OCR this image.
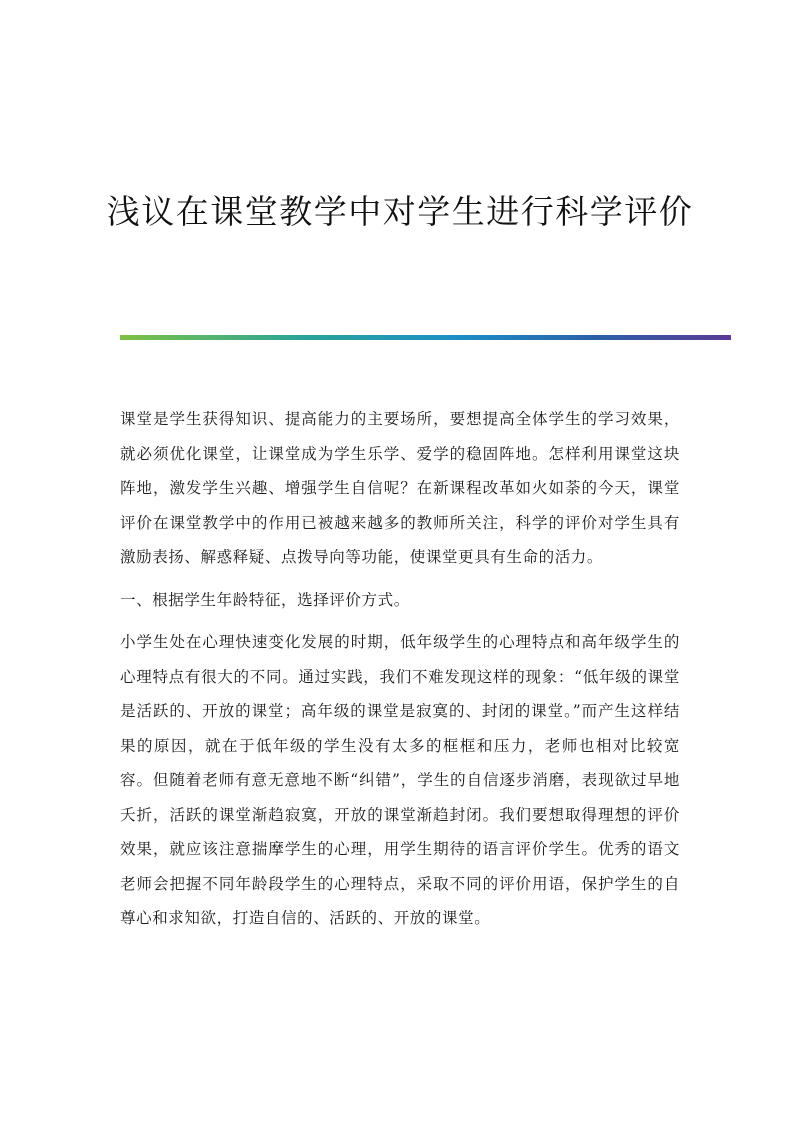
浅议在课堂教学中对学生进行科学评价

课堂是学生获得知识、提高能力的主要场所，要想提高全体学生的学习效果，就必须优化课堂，让课堂成为学生乐学、爱学的稳固阵地。怎样利用课堂这块阵地，激发学生兴趣、增强学生自信呢？在新课程改革如火如荼的今天，课堂评价在课堂教学中的作用已被越来越多的教师所关注，科学的评价对学生具有激励表扬、解惑释疑、点拨导向等功能，使课堂更具有生命的活力。

一、根据学生年龄特征，选择评价方式。

小学生处在心理快速变化发展的时期，低年级学生的心理特点和高年级学生的心理特点有很大的不同。通过实践，我们不难发现这样的现象：“低年级的课堂是活跃的、开放的课堂；高年级的课堂是寂寞的、封闭的课堂。”而产生这样结果的原因，就在于低年级的学生没有太多的框框和压力，老师也相对比较宽容。但随着老师有意无意地不断“纠错”，学生的自信逐步消磨，表现欲过早地夭折，活跃的课堂渐趋寂寞，开放的课堂渐趋封闭。我们要想取得理想的评价效果，就应该注意揣摩学生的心理，用学生期待的语言评价学生。优秀的语文老师会把握不同年龄段学生的心理特点，采取不同的评价用语，保护学生的自尊心和求知欲，打造自信的、活跃的、开放的课堂。
